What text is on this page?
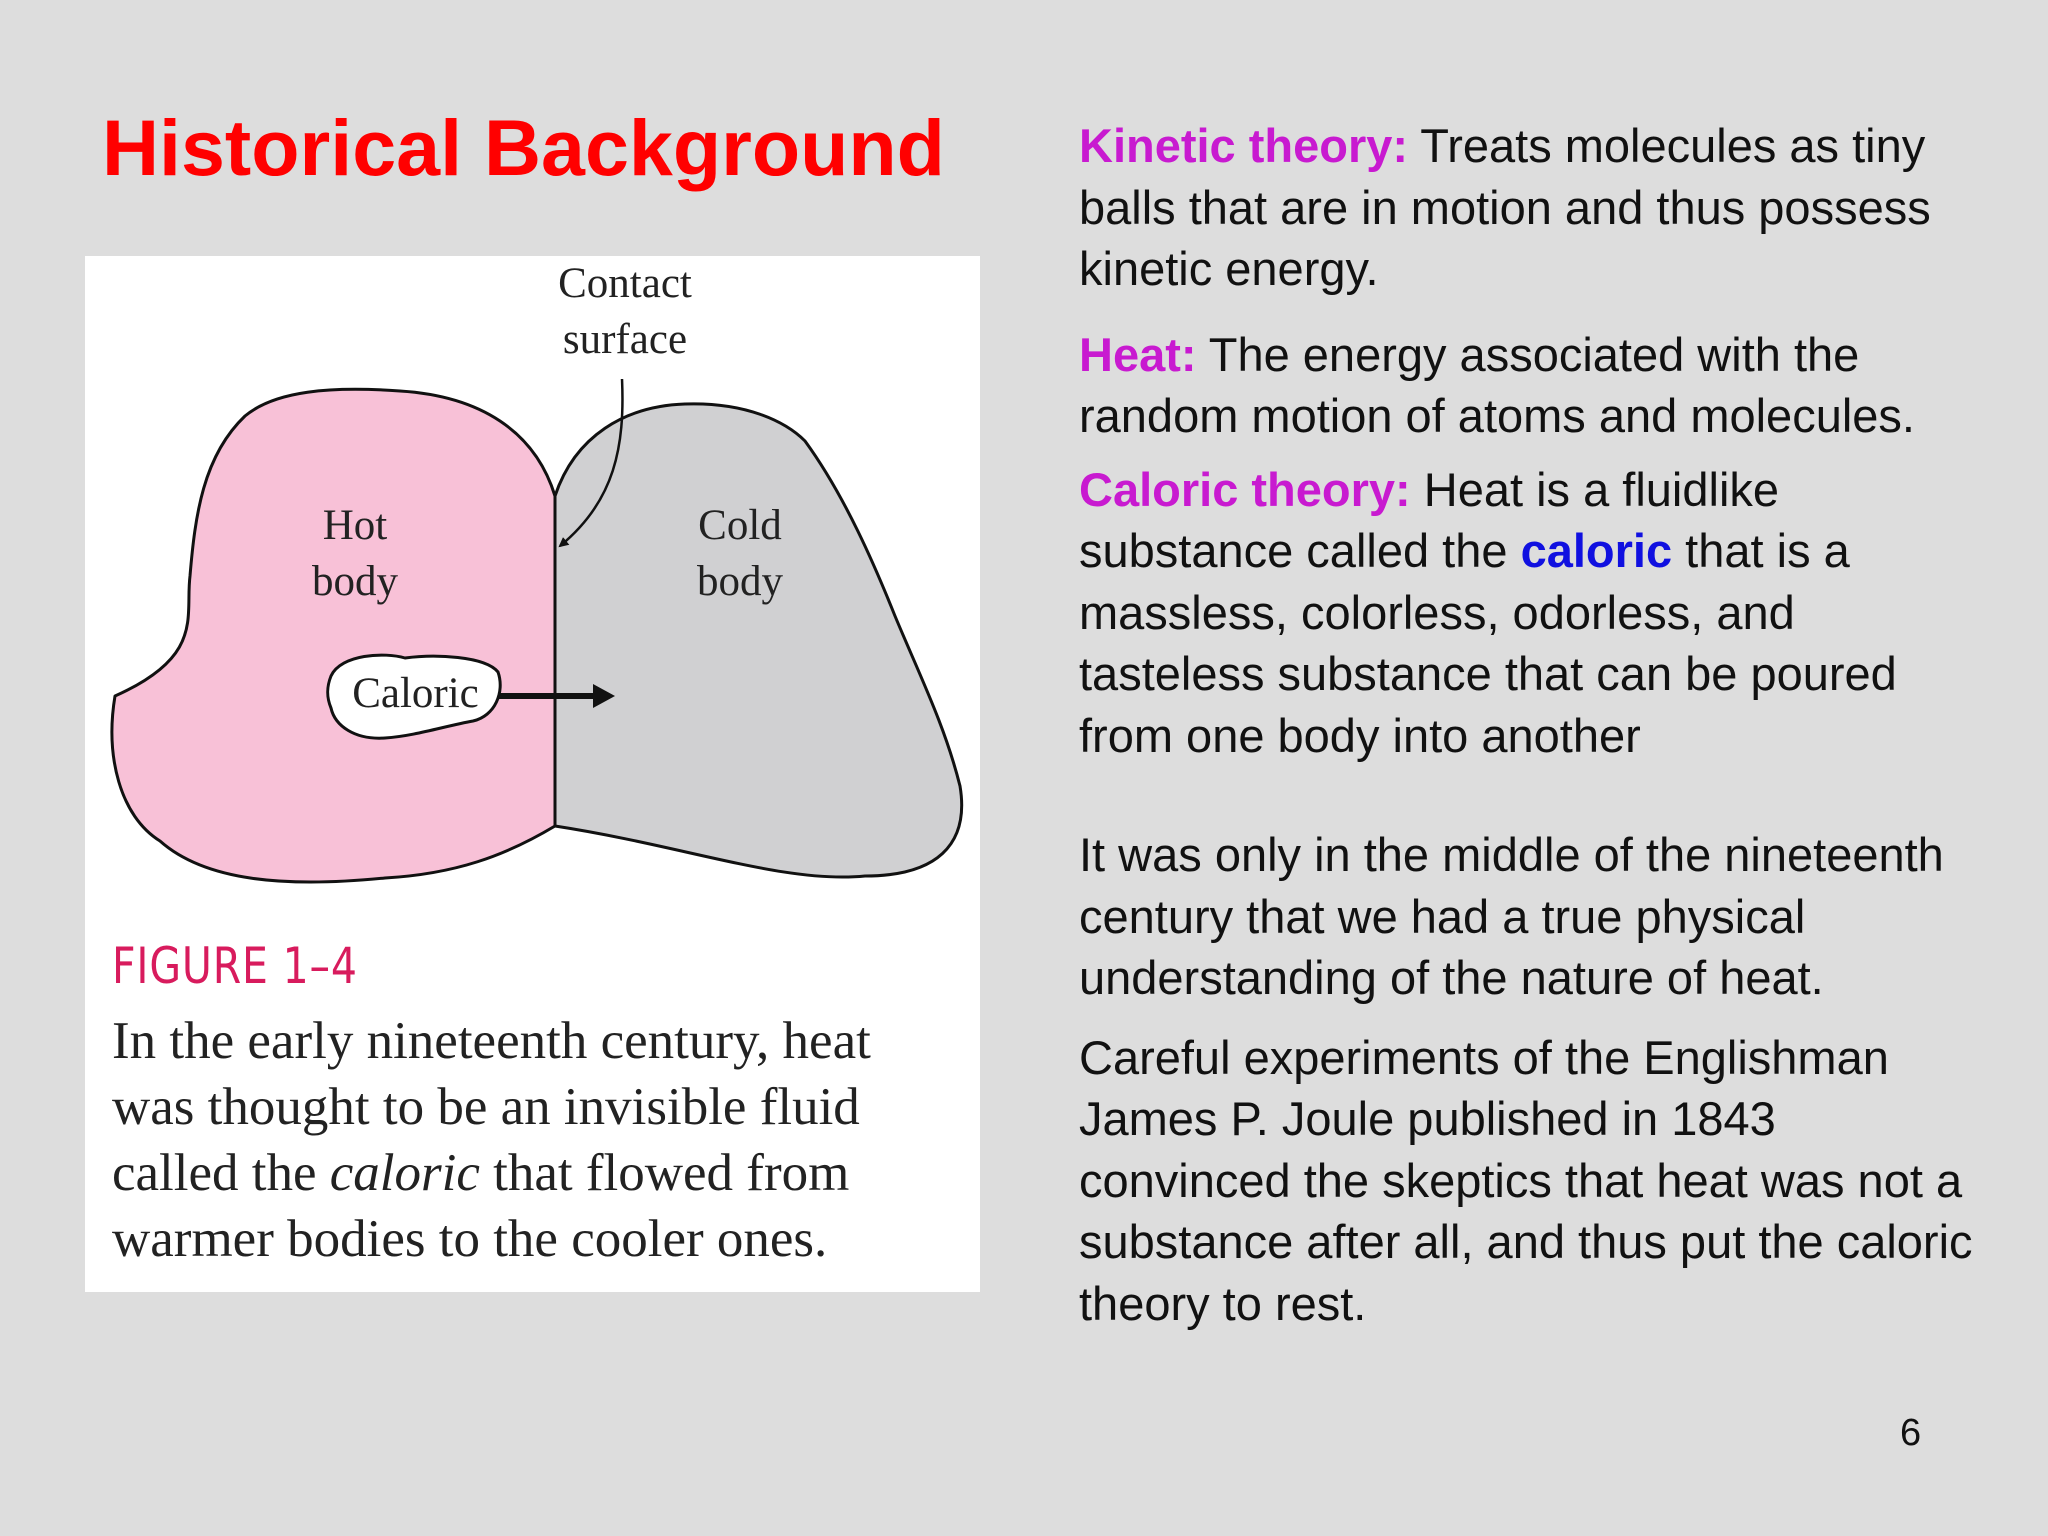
Historical Background
Contact
surface
Hot
body
Cold
body
Caloric
FIGURE 1–4

In the early nineteenth century, heat

was thought to be an invisible fluid

called the caloric that flowed from

warmer bodies to the cooler ones.

Kinetic theory: Treats molecules as tiny balls that are in motion and thus possess kinetic energy.

Heat: The energy associated with the random motion of atoms and molecules.

Caloric theory: Heat is a fluidlike substance called the caloric that is a massless, colorless, odorless, and tasteless substance that can be poured from one body into another

It was only in the middle of the nineteenth century that we had a true physical understanding of the nature of heat.

Careful experiments of the Englishman James P. Joule published in 1843 convinced the skeptics that heat was not a substance after all, and thus put the caloric theory to rest.

6
